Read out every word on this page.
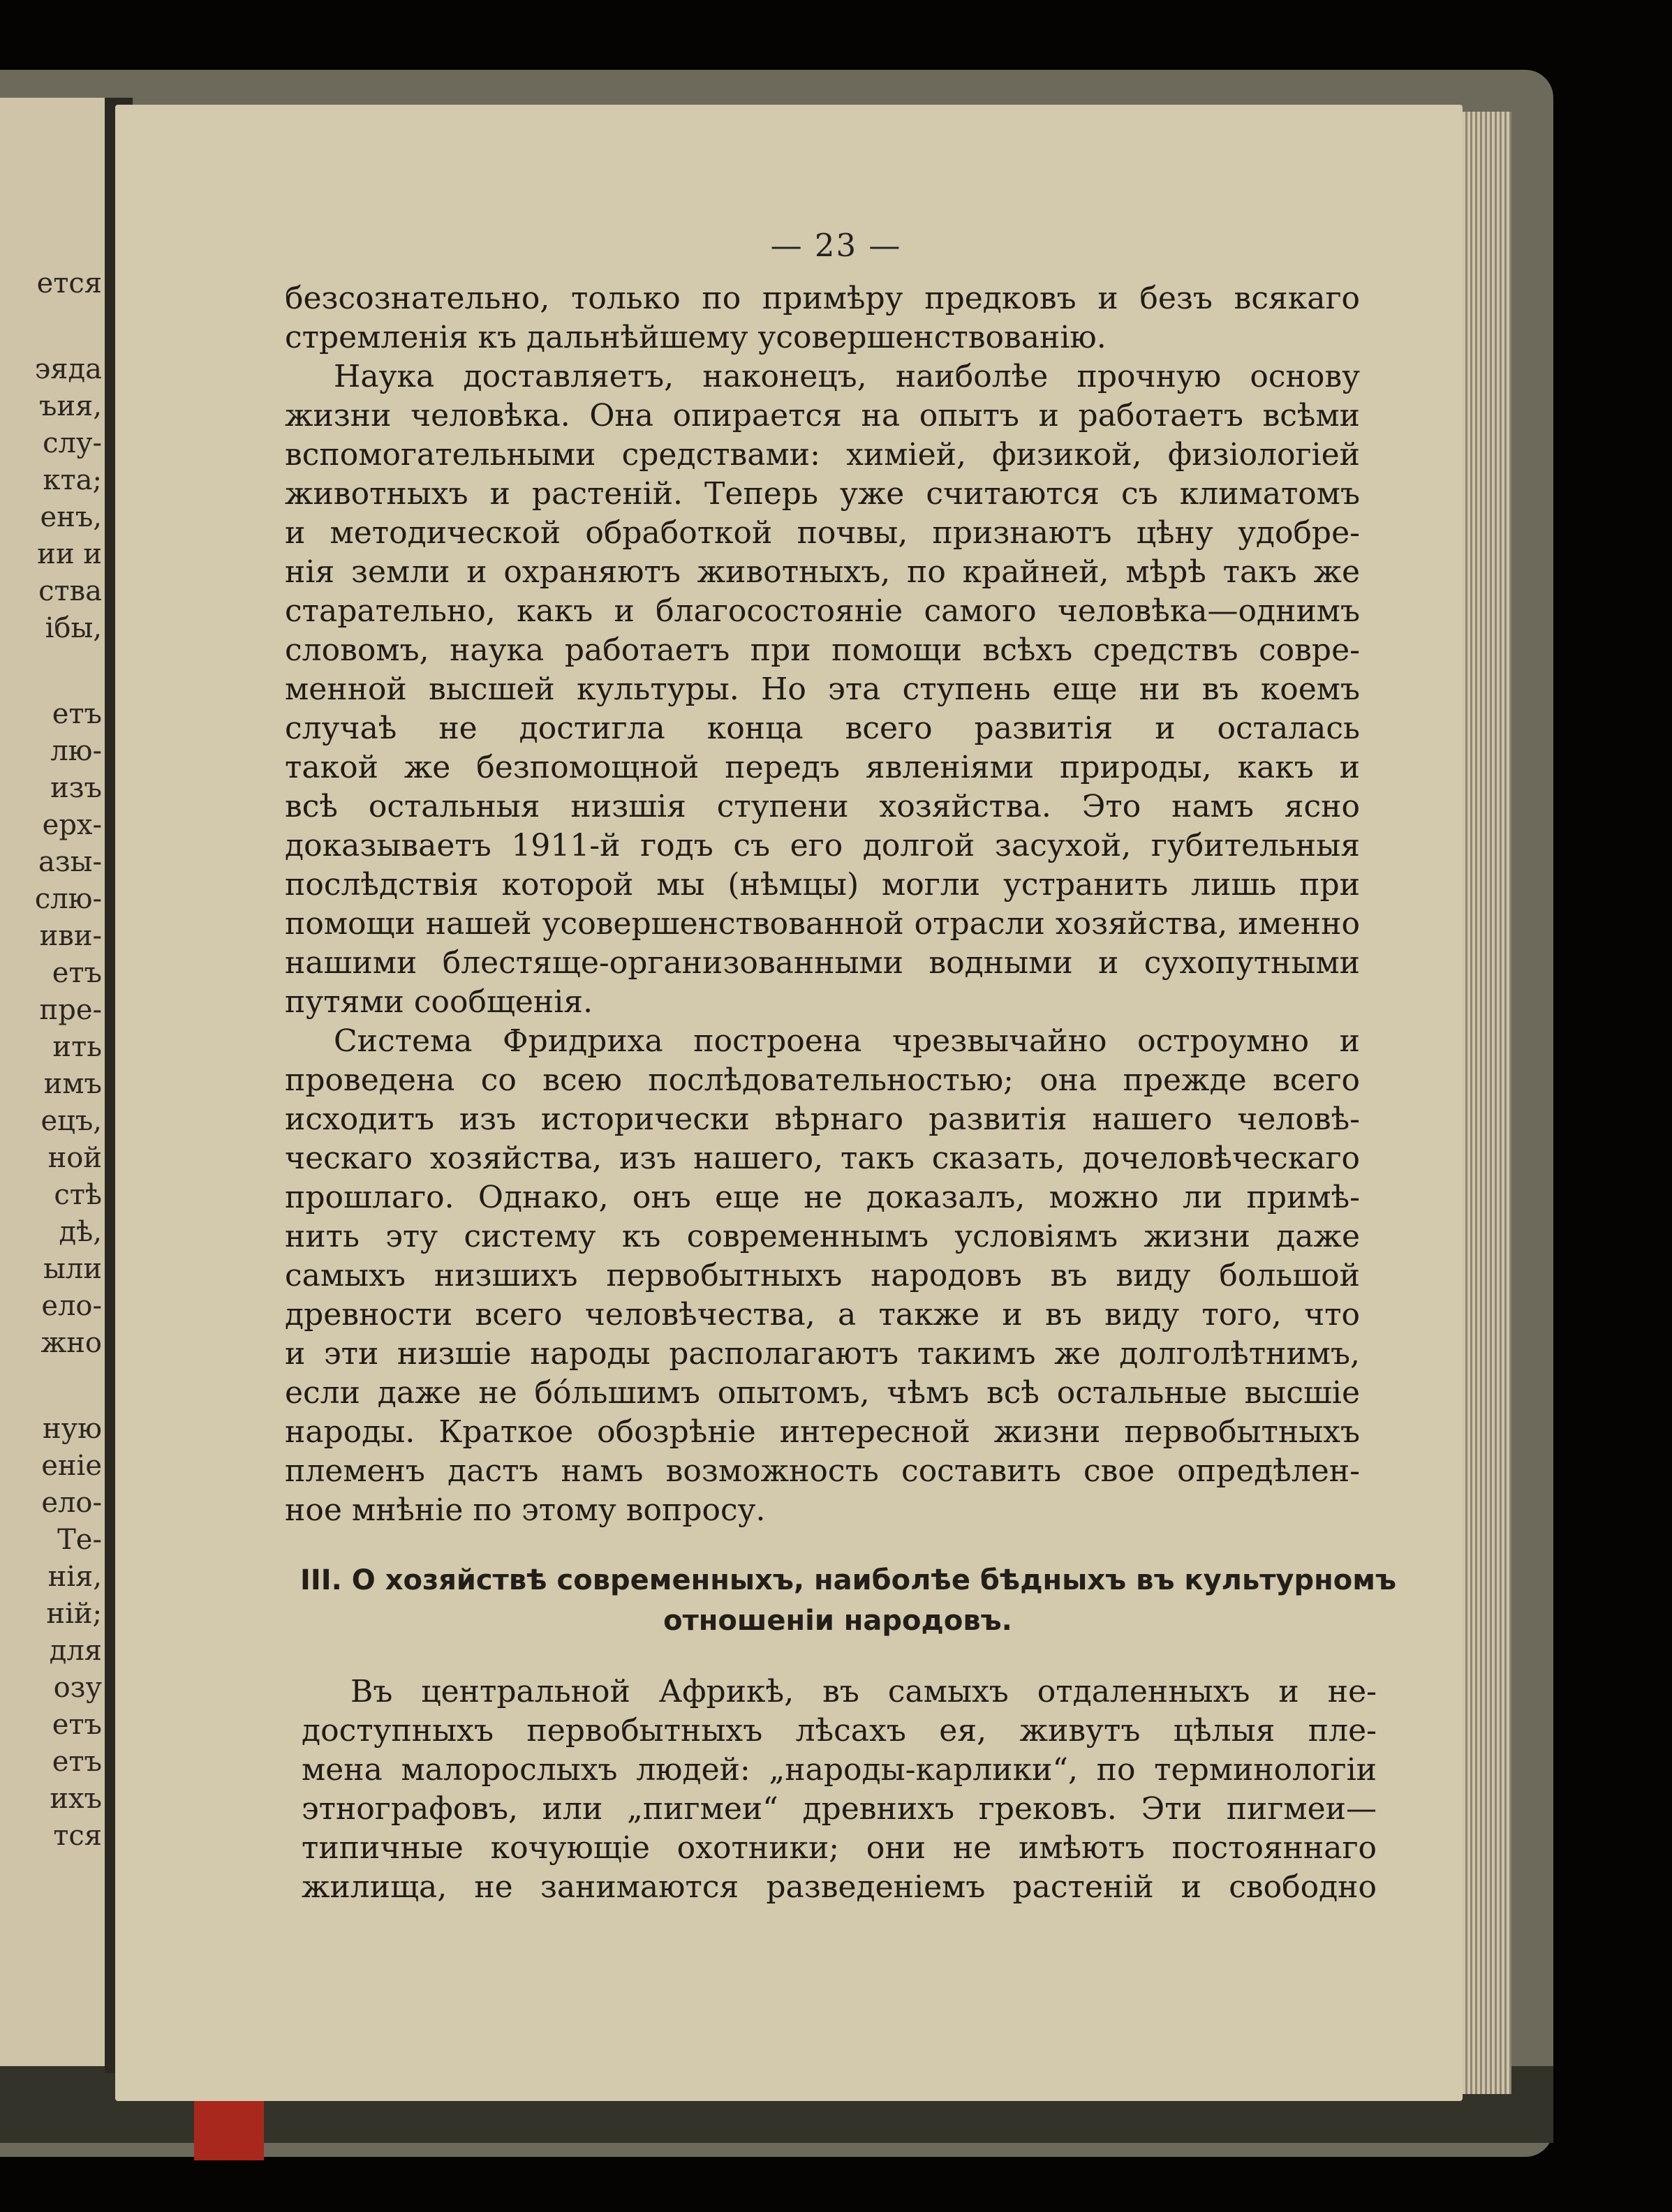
ется
эяда
ъия,
слу-
кта;
енъ,
ии и
ства
ібы,
етъ
лю-
изъ
ерх-
азы-
слю-
иви-
етъ
пре-
ить
имъ
ецъ,
ной
стѣ
дѣ,
ыли
ело-
жно
ную
еніе
ело-
Те-
нія,
ній;
для
озу
етъ
етъ
ихъ
тся
— 23 —
безсознательно, только по примѣру предковъ и безъ всякаго
стремленія къ дальнѣйшему усовершенствованію.
Наука доставляетъ, наконецъ, наиболѣе прочную основу
жизни человѣка. Она опирается на опытъ и работаетъ всѣми
вспомогательными средствами: химіей, физикой, физіологіей
животныхъ и растеній. Теперь уже считаются съ климатомъ
и методической обработкой почвы, признаютъ цѣну удобре-
нія земли и охраняютъ животныхъ, по крайней, мѣрѣ такъ же
старательно, какъ и благосостояніе самого человѣка—однимъ
словомъ, наука работаетъ при помощи всѣхъ средствъ совре-
менной высшей культуры. Но эта ступень еще ни въ коемъ
случаѣ не достигла конца всего развитія и осталась
такой же безпомощной передъ явленіями природы, какъ и
всѣ остальныя низшія ступени хозяйства. Это намъ ясно
доказываетъ 1911-й годъ съ его долгой засухой, губительныя
послѣдствія которой мы (нѣмцы) могли устранить лишь при
помощи нашей усовершенствованной отрасли хозяйства, именно
нашими блестяще-организованными водными и сухопутными
путями сообщенія.
Система Фридриха построена чрезвычайно остроумно и
проведена со всею послѣдовательностью; она прежде всего
исходитъ изъ исторически вѣрнаго развитія нашего человѣ-
ческаго хозяйства, изъ нашего, такъ сказать, дочеловѣческаго
прошлаго. Однако, онъ еще не доказалъ, можно ли примѣ-
нить эту систему къ современнымъ условіямъ жизни даже
самыхъ низшихъ первобытныхъ народовъ въ виду большой
древности всего человѣчества, а также и въ виду того, что
и эти низшіе народы располагаютъ такимъ же долголѣтнимъ,
если даже не бо́льшимъ опытомъ, чѣмъ всѣ остальные высшіе
народы. Краткое обозрѣніе интересной жизни первобытныхъ
племенъ дастъ намъ возможность составить свое опредѣлен-
ное мнѣніе по этому вопросу.
III. О хозяйствѣ современныхъ, наиболѣе бѣдныхъ въ культурномъ
отношеніи народовъ.
Въ центральной Африкѣ, въ самыхъ отдаленныхъ и не-
доступныхъ первобытныхъ лѣсахъ ея, живутъ цѣлыя пле-
мена малорослыхъ людей: „народы-карлики“, по терминологіи
этнографовъ, или „пигмеи“ древнихъ грековъ. Эти пигмеи—
типичные кочующіе охотники; они не имѣютъ постояннаго
жилища, не занимаются разведеніемъ растеній и свободно
